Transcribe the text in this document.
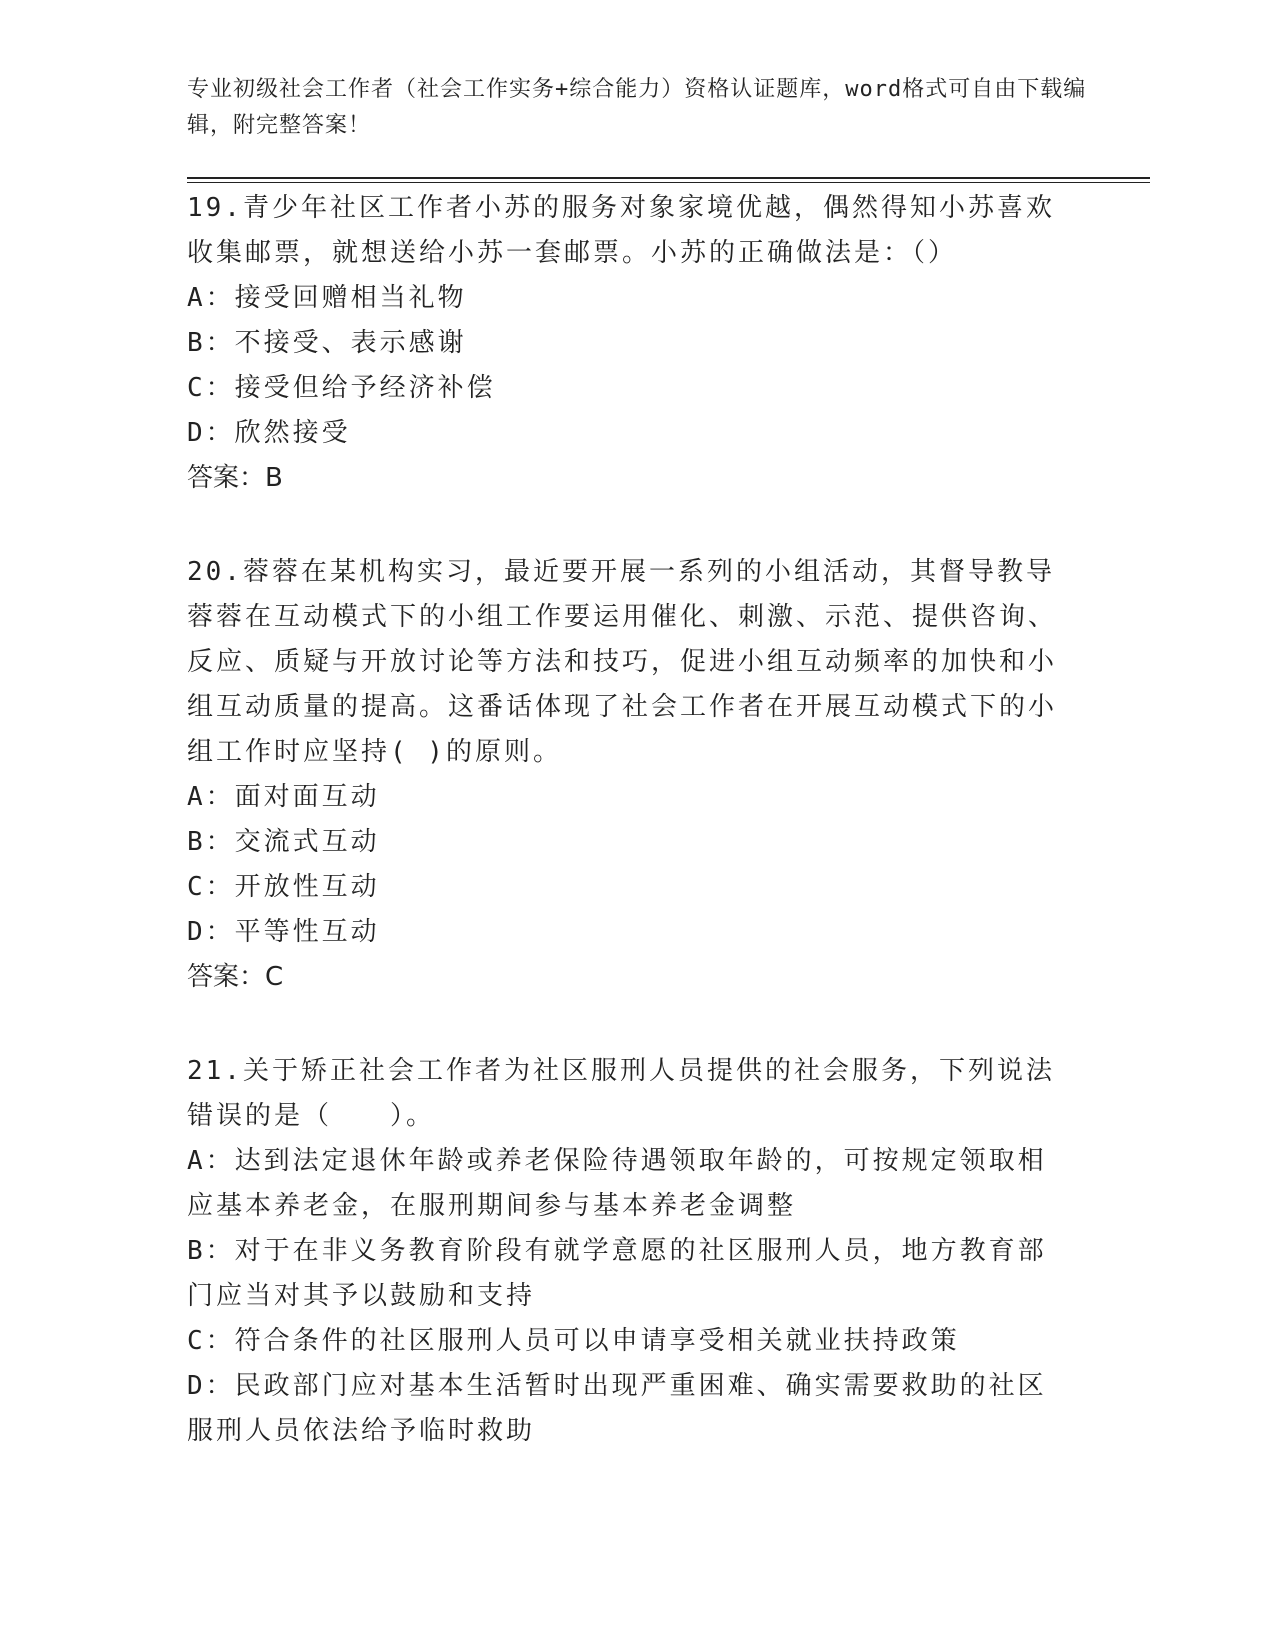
专业初级社会工作者（社会工作实务+综合能力）资格认证题库，word格式可自由下载编辑，附完整答案！
19.青少年社区工作者小苏的服务对象家境优越，偶然得知小苏喜欢收集邮票，就想送给小苏一套邮票。小苏的正确做法是：（）
A：接受回赠相当礼物
B：不接受、表示感谢
C：接受但给予经济补偿
D：欣然接受
答案：B
20.蓉蓉在某机构实习，最近要开展一系列的小组活动，其督导教导蓉蓉在互动模式下的小组工作要运用催化、刺激、示范、提供咨询、反应、质疑与开放讨论等方法和技巧，促进小组互动频率的加快和小组互动质量的提高。这番话体现了社会工作者在开展互动模式下的小组工作时应坚持( )的原则。
A：面对面互动
B：交流式互动
C：开放性互动
D：平等性互动
答案：C
21.关于矫正社会工作者为社区服刑人员提供的社会服务，下列说法错误的是（　　）。
A：达到法定退休年龄或养老保险待遇领取年龄的，可按规定领取相应基本养老金，在服刑期间参与基本养老金调整
B：对于在非义务教育阶段有就学意愿的社区服刑人员，地方教育部门应当对其予以鼓励和支持
C：符合条件的社区服刑人员可以申请享受相关就业扶持政策
D：民政部门应对基本生活暂时出现严重困难、确实需要救助的社区服刑人员依法给予临时救助
